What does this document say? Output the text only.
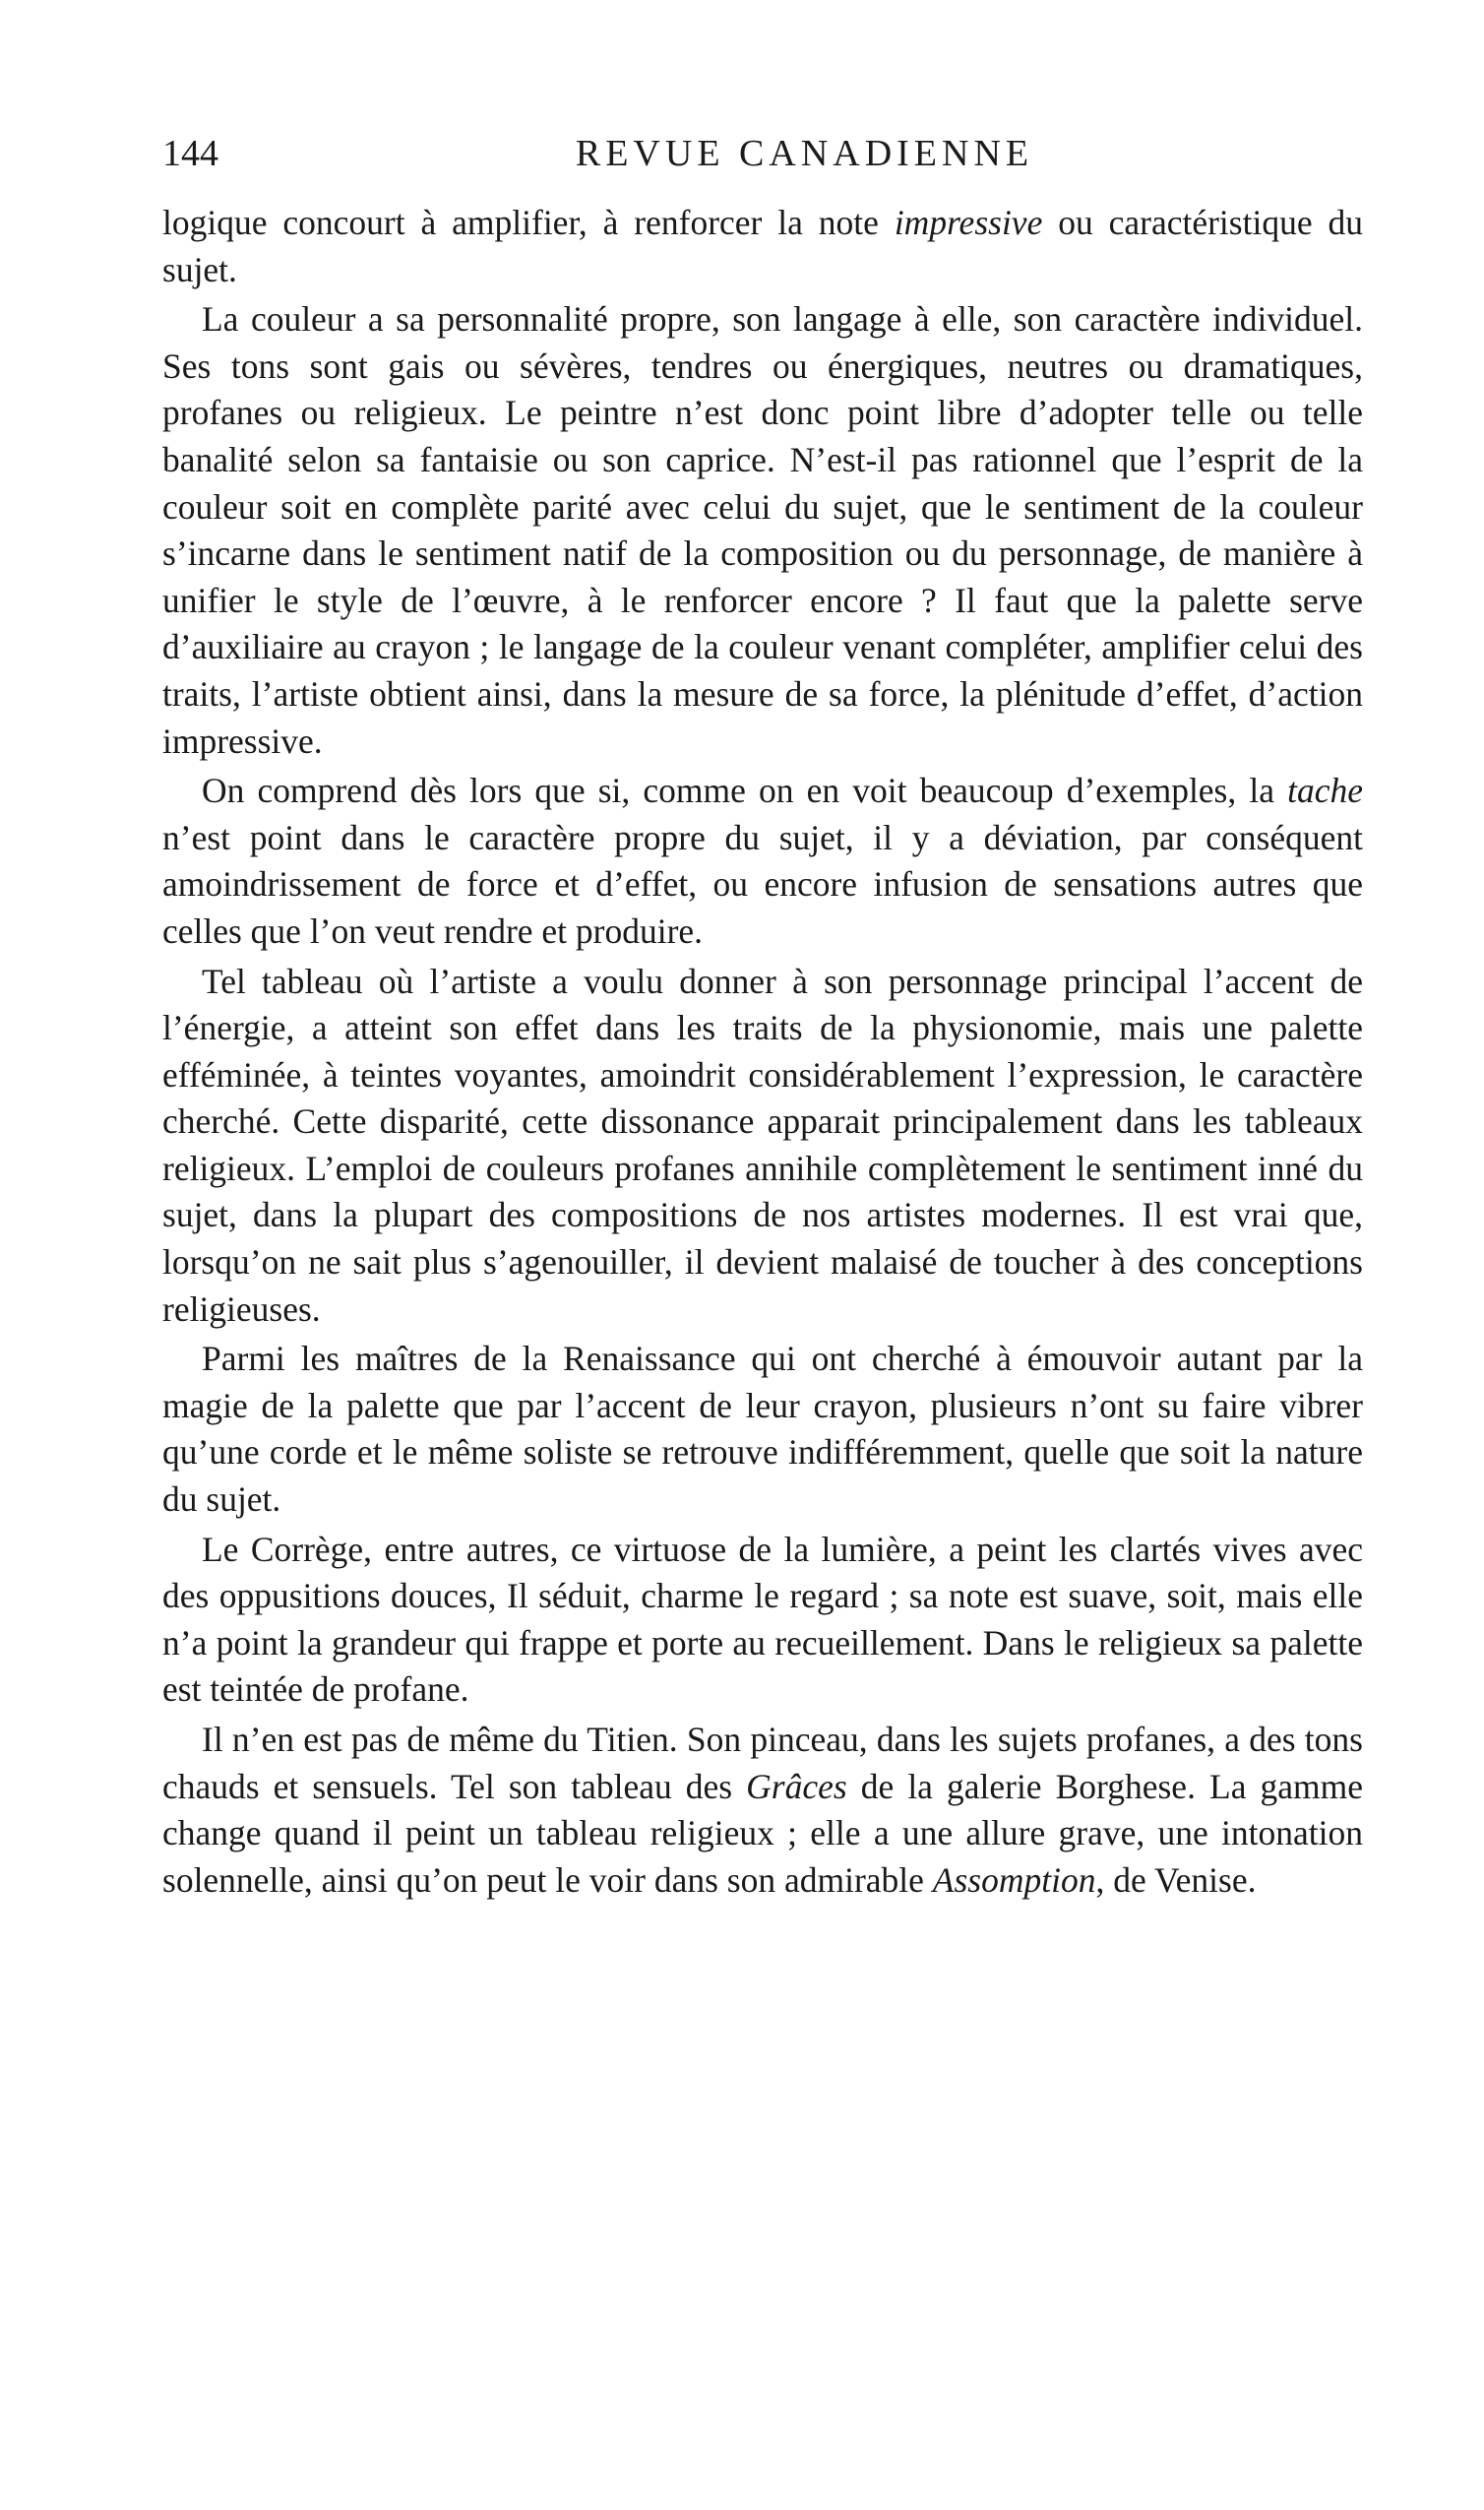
144	REVUE CANADIENNE

logique concourt à amplifier, à renforcer la note impressive ou caractéristique du sujet.

La couleur a sa personnalité propre, son langage à elle, son caractère individuel. Ses tons sont gais ou sévères, tendres ou énergiques, neutres ou dramatiques, profanes ou religieux. Le peintre n’est donc point libre d’adopter telle ou telle banalité selon sa fantaisie ou son caprice. N’est-il pas rationnel que l’esprit de la couleur soit en complète parité avec celui du sujet, que le sentiment de la couleur s’incarne dans le sentiment natif de la composition ou du personnage, de manière à unifier le style de l’œuvre, à le renforcer encore ? Il faut que la palette serve d’auxiliaire au crayon ; le langage de la couleur venant compléter, amplifier celui des traits, l’artiste obtient ainsi, dans la mesure de sa force, la plénitude d’effet, d’action impressive.

On comprend dès lors que si, comme on en voit beaucoup d’exemples, la tache n’est point dans le caractère propre du sujet, il y a déviation, par conséquent amoindrissement de force et d’effet, ou encore infusion de sensations autres que celles que l’on veut rendre et produire.

Tel tableau où l’artiste a voulu donner à son personnage principal l’accent de l’énergie, a atteint son effet dans les traits de la physionomie, mais une palette efféminée, à teintes voyantes, amoindrit considérablement l’expression, le caractère cherché. Cette disparité, cette dissonance apparait principalement dans les tableaux religieux. L’emploi de couleurs profanes annihile complètement le sentiment inné du sujet, dans la plupart des compositions de nos artistes modernes. Il est vrai que, lorsqu’on ne sait plus s’agenouiller, il devient malaisé de toucher à des conceptions religieuses.

Parmi les maîtres de la Renaissance qui ont cherché à émouvoir autant par la magie de la palette que par l’accent de leur crayon, plusieurs n’ont su faire vibrer qu’une corde et le même soliste se retrouve indifféremment, quelle que soit la nature du sujet.

Le Corrège, entre autres, ce virtuose de la lumière, a peint les clartés vives avec des oppusitions douces, Il séduit, charme le regard ; sa note est suave, soit, mais elle n’a point la grandeur qui frappe et porte au recueillement. Dans le religieux sa palette est teintée de profane.

Il n’en est pas de même du Titien. Son pinceau, dans les sujets profanes, a des tons chauds et sensuels. Tel son tableau des Grâces de la galerie Borghese. La gamme change quand il peint un tableau religieux ; elle a une allure grave, une intonation solennelle, ainsi qu’on peut le voir dans son admirable Assomption, de Venise.
